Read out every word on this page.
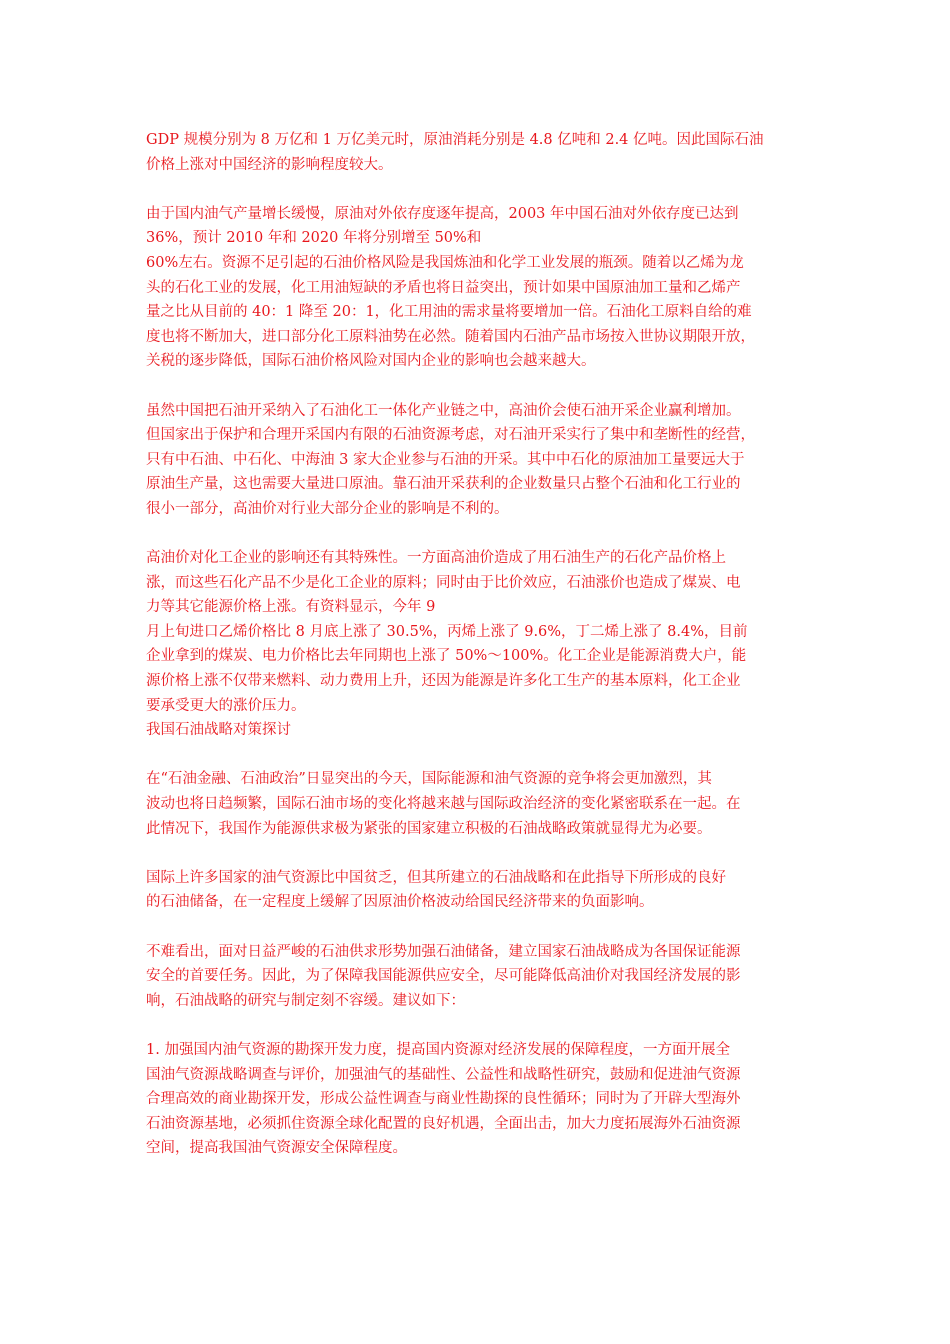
GDP 规模分别为 8 万亿和 1 万亿美元时，原油消耗分别是 4.8 亿吨和 2.4 亿吨。因此国际石油
价格上涨对中国经济的影响程度较大。
由于国内油气产量增长缓慢，原油对外依存度逐年提高，2003 年中国石油对外依存度已达到
36%，预计 2010 年和 2020 年将分别增至 50%和
60%左右。资源不足引起的石油价格风险是我国炼油和化学工业发展的瓶颈。随着以乙烯为龙
头的石化工业的发展，化工用油短缺的矛盾也将日益突出，预计如果中国原油加工量和乙烯产
量之比从目前的 40：1 降至 20：1，化工用油的需求量将要增加一倍。石油化工原料自给的难
度也将不断加大，进口部分化工原料油势在必然。随着国内石油产品市场按入世协议期限开放，
关税的逐步降低，国际石油价格风险对国内企业的影响也会越来越大。
虽然中国把石油开采纳入了石油化工一体化产业链之中，高油价会使石油开采企业赢利增加。
但国家出于保护和合理开采国内有限的石油资源考虑，对石油开采实行了集中和垄断性的经营，
只有中石油、中石化、中海油 3 家大企业参与石油的开采。其中中石化的原油加工量要远大于
原油生产量，这也需要大量进口原油。靠石油开采获利的企业数量只占整个石油和化工行业的
很小一部分，高油价对行业大部分企业的影响是不利的。
高油价对化工企业的影响还有其特殊性。一方面高油价造成了用石油生产的石化产品价格上
涨，而这些石化产品不少是化工企业的原料；同时由于比价效应，石油涨价也造成了煤炭、电
力等其它能源价格上涨。有资料显示，今年 9
月上旬进口乙烯价格比 8 月底上涨了 30.5%，丙烯上涨了 9.6%，丁二烯上涨了 8.4%，目前
企业拿到的煤炭、电力价格比去年同期也上涨了 50%～100%。化工企业是能源消费大户，能
源价格上涨不仅带来燃料、动力费用上升，还因为能源是许多化工生产的基本原料，化工企业
要承受更大的涨价压力。
我国石油战略对策探讨
在“石油金融、石油政治”日显突出的今天，国际能源和油气资源的竞争将会更加激烈，其
波动也将日趋频繁，国际石油市场的变化将越来越与国际政治经济的变化紧密联系在一起。在
此情况下，我国作为能源供求极为紧张的国家建立积极的石油战略政策就显得尤为必要。
国际上许多国家的油气资源比中国贫乏，但其所建立的石油战略和在此指导下所形成的良好
的石油储备，在一定程度上缓解了因原油价格波动给国民经济带来的负面影响。
不难看出，面对日益严峻的石油供求形势加强石油储备，建立国家石油战略成为各国保证能源
安全的首要任务。因此，为了保障我国能源供应安全，尽可能降低高油价对我国经济发展的影
响，石油战略的研究与制定刻不容缓。建议如下：
1. 加强国内油气资源的勘探开发力度，提高国内资源对经济发展的保障程度，一方面开展全
国油气资源战略调查与评价，加强油气的基础性、公益性和战略性研究，鼓励和促进油气资源
合理高效的商业勘探开发，形成公益性调查与商业性勘探的良性循环；同时为了开辟大型海外
石油资源基地，必须抓住资源全球化配置的良好机遇，全面出击，加大力度拓展海外石油资源
空间，提高我国油气资源安全保障程度。
